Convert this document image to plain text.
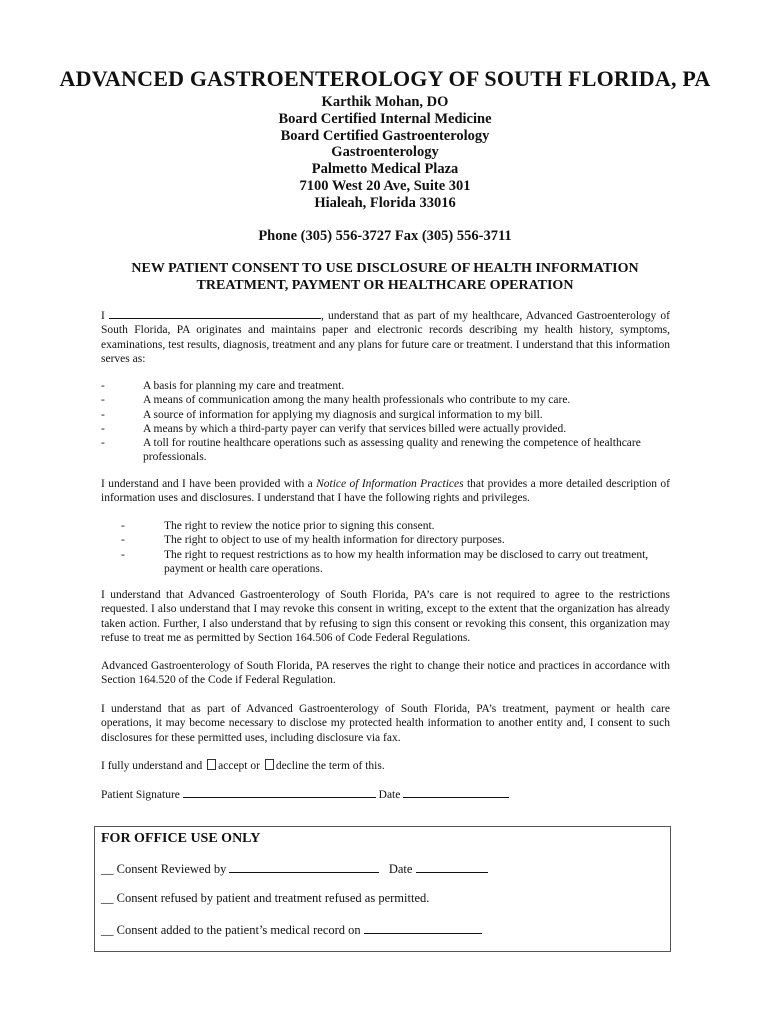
ADVANCED GASTROENTEROLOGY OF SOUTH FLORIDA, PA
Karthik Mohan, DO
Board Certified Internal Medicine
Board Certified Gastroenterology
Gastroenterology
Palmetto Medical Plaza
7100 West 20 Ave, Suite 301
Hialeah, Florida 33016
Phone (305) 556-3727 Fax (305) 556-3711
NEW PATIENT CONSENT TO USE DISCLOSURE OF HEALTH INFORMATION
TREATMENT, PAYMENT OR HEALTHCARE OPERATION
I	, understand that as part of my healthcare, Advanced Gastroenterology of South Florida, PA originates and maintains paper and electronic records describing my health history, symptoms, examinations, test results, diagnosis, treatment and any plans for future care or treatment. I understand that this information serves as:
-	A basis for planning my care and treatment.
-	A means of communication among the many health professionals who contribute to my care.
-	A source of information for applying my diagnosis and surgical information to my bill.
-	A means by which a third-party payer can verify that services billed were actually provided.
-	A toll for routine healthcare operations such as assessing quality and renewing the competence of healthcare professionals.
I understand and I have been provided with a Notice of Information Practices that provides a more detailed description of information uses and disclosures. I understand that I have the following rights and privileges.
-	The right to review the notice prior to signing this consent.
-	The right to object to use of my health information for directory purposes.
-	The right to request restrictions as to how my health information may be disclosed to carry out treatment, payment or health care operations.
I understand that Advanced Gastroenterology of South Florida, PA’s care is not required to agree to the restrictions requested. I also understand that I may revoke this consent in writing, except to the extent that the organization has already taken action. Further, I also understand that by refusing to sign this consent or revoking this consent, this organization may refuse to treat me as permitted by Section 164.506 of Code Federal Regulations.
Advanced Gastroenterology of South Florida, PA reserves the right to change their notice and practices in accordance with Section 164.520 of the Code if Federal Regulation.
I understand that as part of Advanced Gastroenterology of South Florida, PA’s treatment, payment or health care operations, it may become necessary to disclose my protected health information to another entity and, I consent to such disclosures for these permitted uses, including disclosure via fax.
I fully understand and accept or decline the term of this.
Patient Signature	Date
FOR OFFICE USE ONLY
__ Consent Reviewed by	Date
__ Consent refused by patient and treatment refused as permitted.
__ Consent added to the patient’s medical record on
